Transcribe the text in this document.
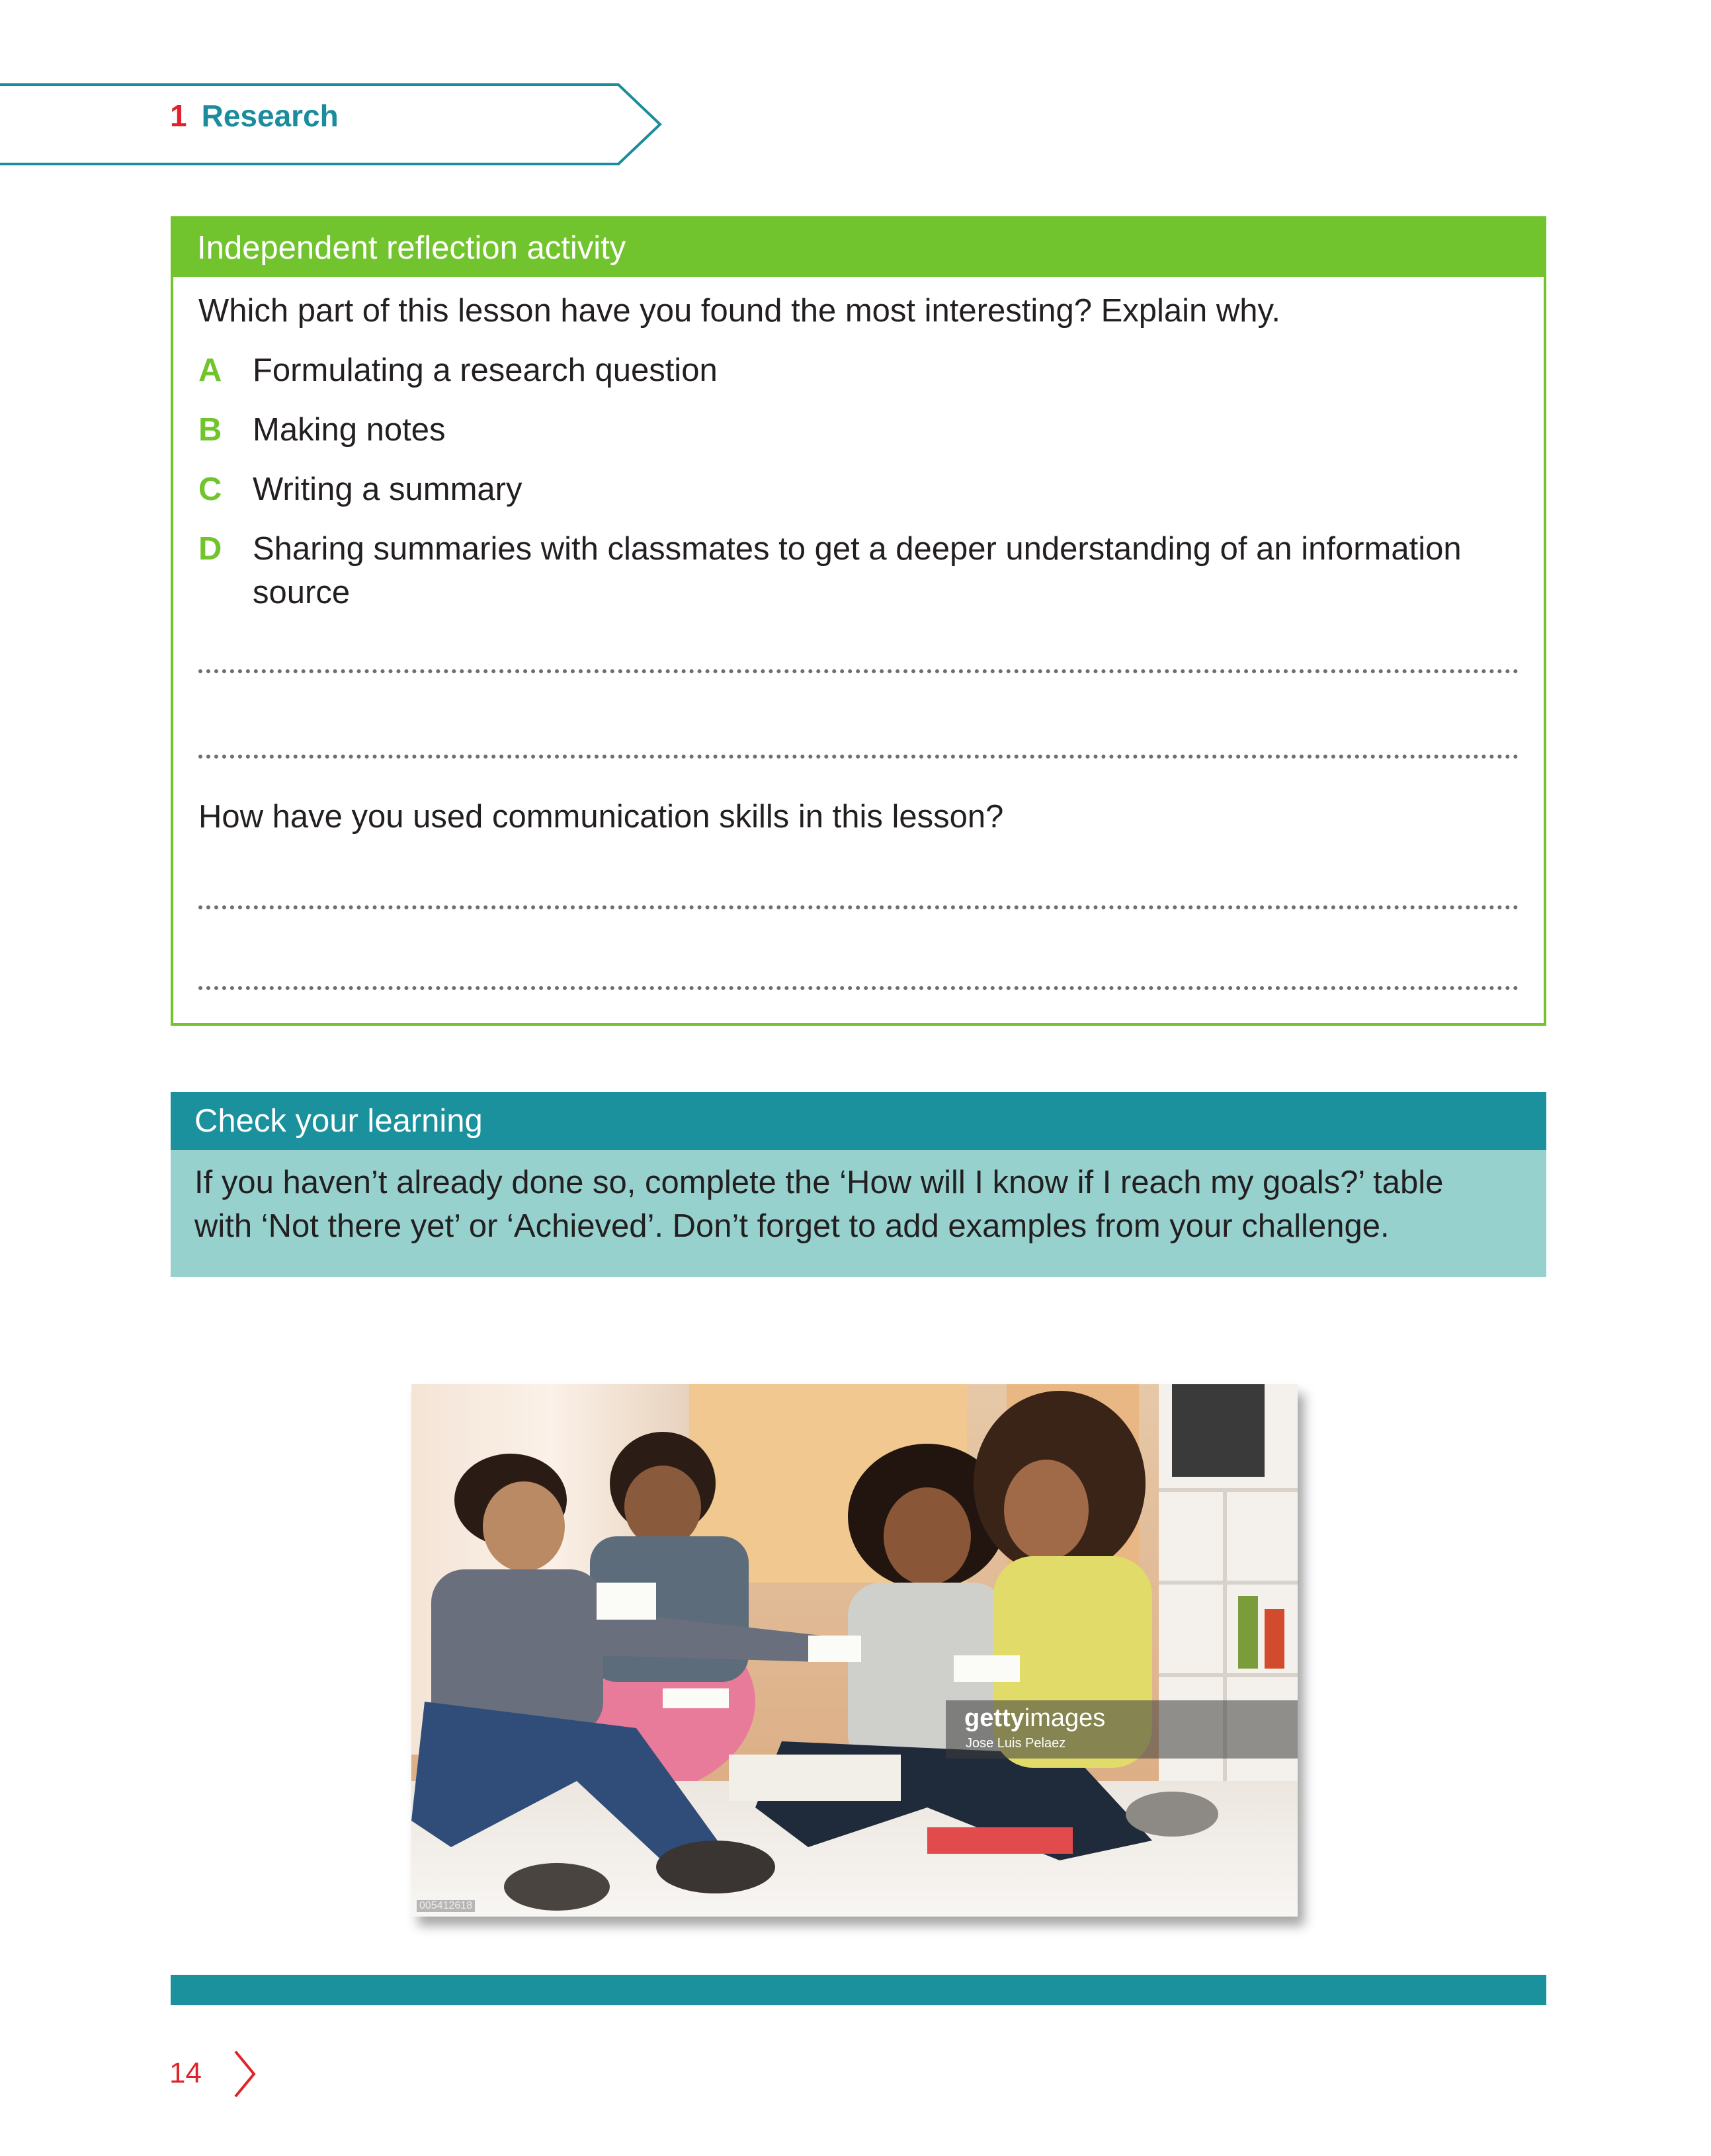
1 Research
Independent reflection activity
Which part of this lesson have you found the most interesting? Explain why.
A Formulating a research question
B Making notes
C Writing a summary
D Sharing summaries with classmates to get a deeper understanding of an information source
How have you used communication skills in this lesson?
Check your learning
If you haven’t already done so, complete the ‘How will I know if I reach my goals?’ table with ‘Not there yet’ or ‘Achieved’. Don’t forget to add examples from your challenge.
gettyimages
Jose Luis Pelaez
005412618
14
